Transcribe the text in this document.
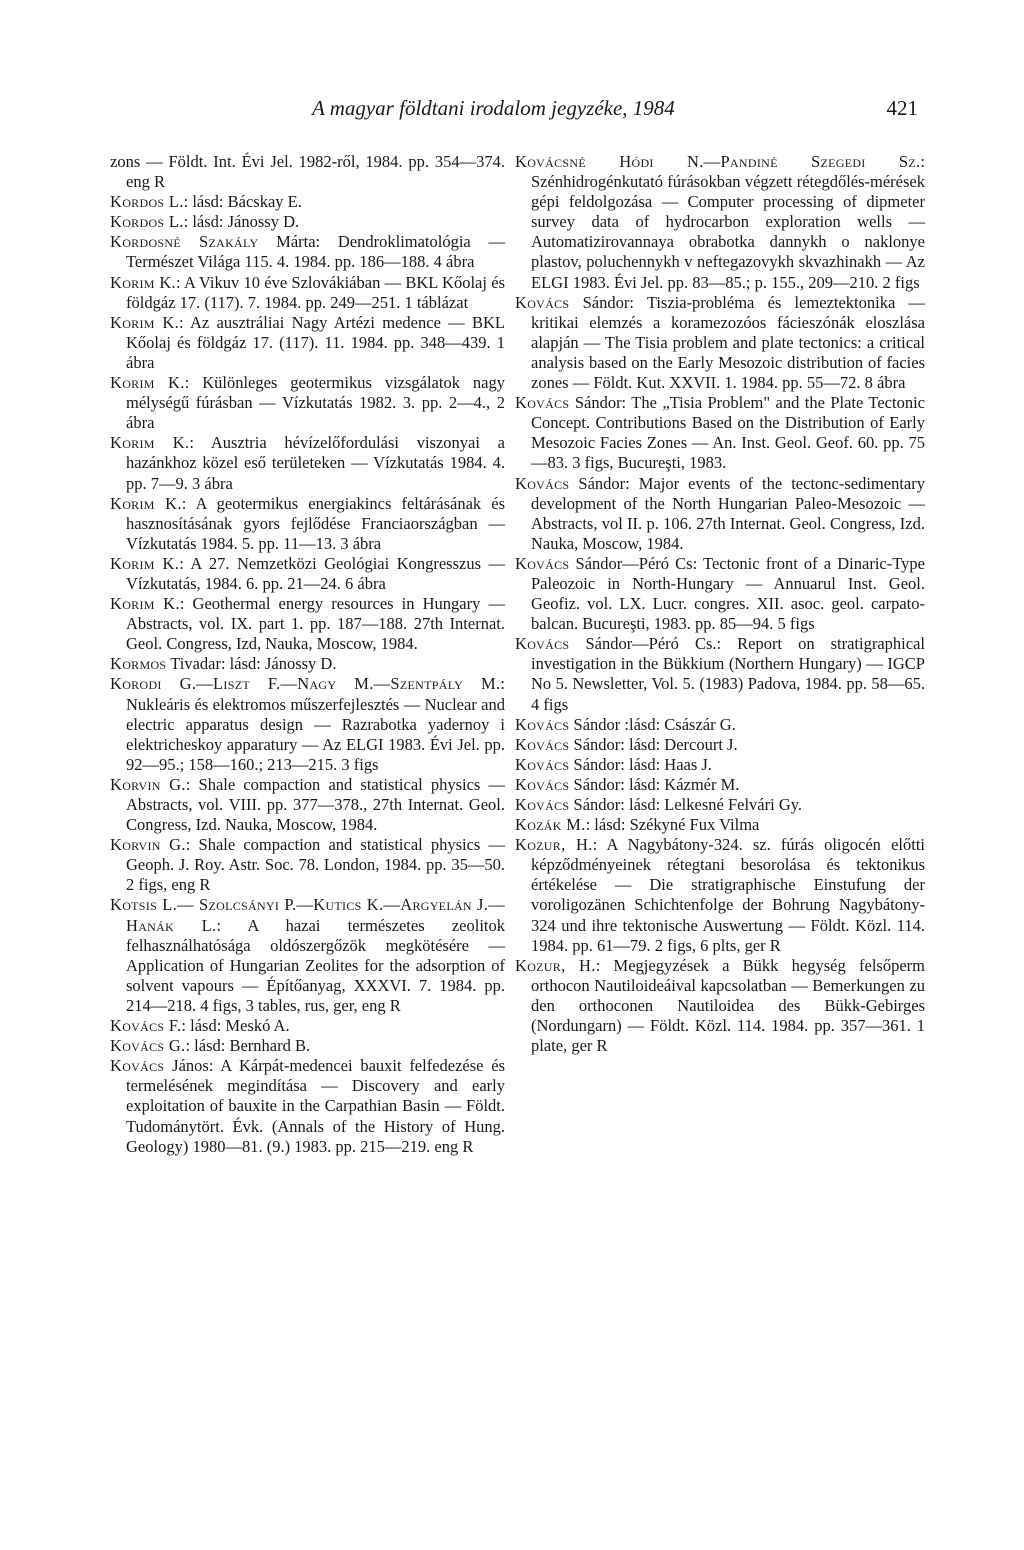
A magyar földtani irodalom jegyzéke, 1984	421

zons — Földt. Int. Évi Jel. 1982-ről, 1984. pp. 354—374. eng R

Kordos L.: lásd: Bácskay E.

Kordos L.: lásd: Jánossy D.

Kordosné Szakály Márta: Dendroklimatológia — Természet Világa 115. 4. 1984. pp. 186—188. 4 ábra

Korim K.: A Vikuv 10 éve Szlovákiában — BKL Kőolaj és földgáz 17. (117). 7. 1984. pp. 249—251. 1 táblázat

Korim K.: Az ausztráliai Nagy Artézi medence — BKL Kőolaj és földgáz 17. (117). 11. 1984. pp. 348—439. 1 ábra

Korim K.: Különleges geotermikus vizsgálatok nagy mélységű fúrásban — Vízkutatás 1982. 3. pp. 2—4., 2 ábra

Korim K.: Ausztria hévízelőfordulási viszonyai a hazánkhoz közel eső területeken — Vízkutatás 1984. 4. pp. 7—9. 3 ábra

Korim K.: A geotermikus energiakincs feltárásának és hasznosításának gyors fejlődése Franciaországban — Vízkutatás 1984. 5. pp. 11—13. 3 ábra

Korim K.: A 27. Nemzetközi Geológiai Kongresszus — Vízkutatás, 1984. 6. pp. 21—24. 6 ábra

Korim K.: Geothermal energy resources in Hungary — Abstracts, vol. IX. part 1. pp. 187—188. 27th Internat. Geol. Congress, Izd, Nauka, Moscow, 1984.

Kormos Tivadar: lásd: Jánossy D.

Korodi G.—Liszt F.—Nagy M.—Szentpály M.: Nukleáris és elektromos műszerfejlesztés — Nuclear and electric apparatus design — Razrabotka yadernoy i elektricheskoy apparatury — Az ELGI 1983. Évi Jel. pp. 92—95.; 158—160.; 213—215. 3 figs

Korvin G.: Shale compaction and statistical physics — Abstracts, vol. VIII. pp. 377—378., 27th Internat. Geol. Congress, Izd. Nauka, Moscow, 1984.

Korvin G.: Shale compaction and statistical physics — Geoph. J. Roy. Astr. Soc. 78. London, 1984. pp. 35—50. 2 figs, eng R

Kotsis L.— Szolcsányi P.—Kutics K.—Argyelán J.—Hanák L.: A hazai természetes zeolitok felhasználhatósága oldószergőzök megkötésére — Application of Hungarian Zeolites for the adsorption of solvent vapours — Építőanyag, XXXVI. 7. 1984. pp. 214—218. 4 figs, 3 tables, rus, ger, eng R

Kovács F.: lásd: Meskó A.

Kovács G.: lásd: Bernhard B.

Kovács János: A Kárpát-medencei bauxit felfedezése és termelésének megindítása — Discovery and early exploitation of bauxite in the Carpathian Basin — Földt. Tudománytört. Évk. (Annals of the History of Hung. Geology) 1980—81. (9.) 1983. pp. 215—219. eng R

Kovácsné Hódi N.—Pandiné Szegedi Sz.: Szénhidrogénkutató fúrásokban végzett rétegdőlés-mérések gépi feldolgozása — Computer processing of dipmeter survey data of hydrocarbon exploration wells — Automatizirovannaya obrabotka dannykh o naklonye plastov, poluchennykh v neftegazovykh skvazhinakh — Az ELGI 1983. Évi Jel. pp. 83—85.; p. 155., 209—210. 2 figs

Kovács Sándor: Tiszia-probléma és lemeztektonika — kritikai elemzés a koramezozóos fácieszónák eloszlása alapján — The Tisia problem and plate tectonics: a critical analysis based on the Early Mesozoic distribution of facies zones — Földt. Kut. XXVII. 1. 1984. pp. 55—72. 8 ábra

Kovács Sándor: The „Tisia Problem" and the Plate Tectonic Concept. Contributions Based on the Distribution of Early Mesozoic Facies Zones — An. Inst. Geol. Geof. 60. pp. 75—83. 3 figs, Bucureşti, 1983.

Kovács Sándor: Major events of the tectonc-sedimentary development of the North Hungarian Paleo-Mesozoic — Abstracts, vol II. p. 106. 27th Internat. Geol. Congress, Izd. Nauka, Moscow, 1984.

Kovács Sándor—Péró Cs: Tectonic front of a Dinaric-Type Paleozoic in North-Hungary — Annuarul Inst. Geol. Geofiz. vol. LX. Lucr. congres. XII. asoc. geol. carpato-balcan. Bucureşti, 1983. pp. 85—94. 5 figs

Kovács Sándor—Péró Cs.: Report on stratigraphical investigation in the Bükkium (Northern Hungary) — IGCP No 5. Newsletter, Vol. 5. (1983) Padova, 1984. pp. 58—65. 4 figs

Kovács Sándor :lásd: Császár G.

Kovács Sándor: lásd: Dercourt J.

Kovács Sándor: lásd: Haas J.

Kovács Sándor: lásd: Kázmér M.

Kovács Sándor: lásd: Lelkesné Felvári Gy.

Kozák M.: lásd: Székyné Fux Vilma

Kozur, H.: A Nagybátony-324. sz. fúrás oligocén előtti képződményeinek rétegtani besorolása és tektonikus értékelése — Die stratigraphische Einstufung der voroligozänen Schichtenfolge der Bohrung Nagybátony-324 und ihre tektonische Auswertung — Földt. Közl. 114. 1984. pp. 61—79. 2 figs, 6 plts, ger R

Kozur, H.: Megjegyzések a Bükk hegység felsőperm orthocon Nautiloideáival kapcsolatban — Bemerkungen zu den orthoconen Nautiloidea des Bükk-Gebirges (Nordungarn) — Földt. Közl. 114. 1984. pp. 357—361. 1 plate, ger R
